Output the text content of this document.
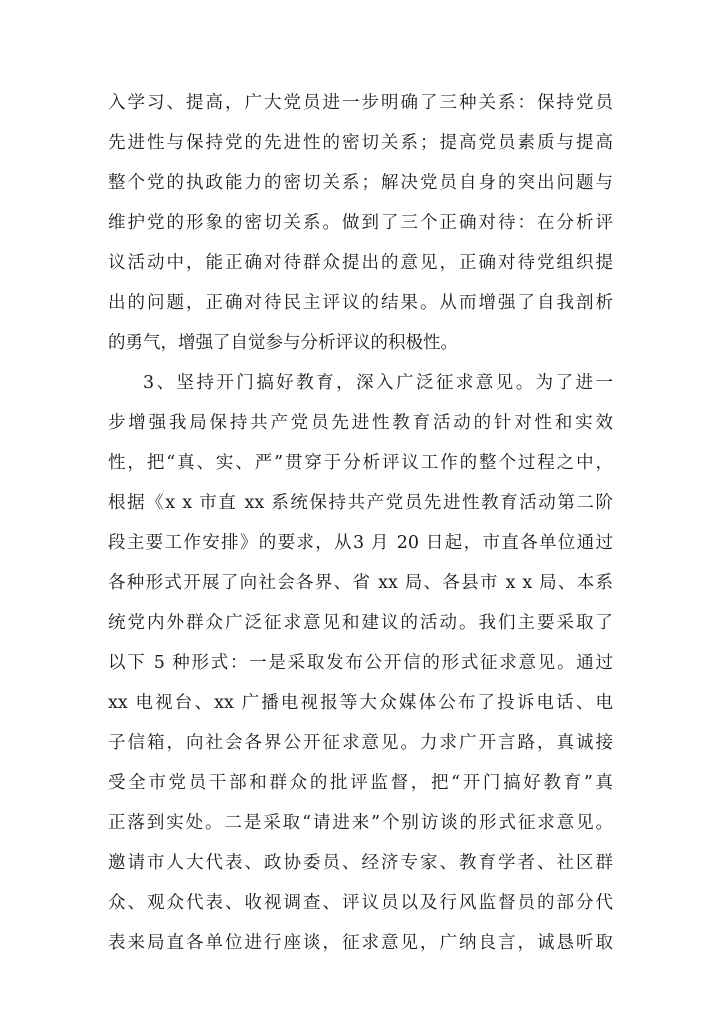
入学习、提高，广大党员进一步明确了三种关系：保持党员
先进性与保持党的先进性的密切关系；提高党员素质与提高
整个党的执政能力的密切关系；解决党员自身的突出问题与
维护党的形象的密切关系。做到了三个正确对待：在分析评
议活动中，能正确对待群众提出的意见，正确对待党组织提
出的问题，正确对待民主评议的结果。从而增强了自我剖析
的勇气，增强了自觉参与分析评议的积极性。
3、坚持开门搞好教育，深入广泛征求意见。为了进一
步增强我局保持共产党员先进性教育活动的针对性和实效
性，把“真、实、严”贯穿于分析评议工作的整个过程之中，
根据《x x 市直 xx 系统保持共产党员先进性教育活动第二阶
段主要工作安排》的要求，从3 月 20 日起，市直各单位通过
各种形式开展了向社会各界、省 xx 局、各县市 x x 局、本系
统党内外群众广泛征求意见和建议的活动。我们主要采取了
以下 5 种形式：一是采取发布公开信的形式征求意见。通过
xx 电视台、xx 广播电视报等大众媒体公布了投诉电话、电
子信箱，向社会各界公开征求意见。力求广开言路，真诚接
受全市党员干部和群众的批评监督，把“开门搞好教育”真
正落到实处。二是采取“请进来”个别访谈的形式征求意见。
邀请市人大代表、政协委员、经济专家、教育学者、社区群
众、观众代表、收视调查、评议员以及行风监督员的部分代
表来局直各单位进行座谈，征求意见，广纳良言，诚恳听取
